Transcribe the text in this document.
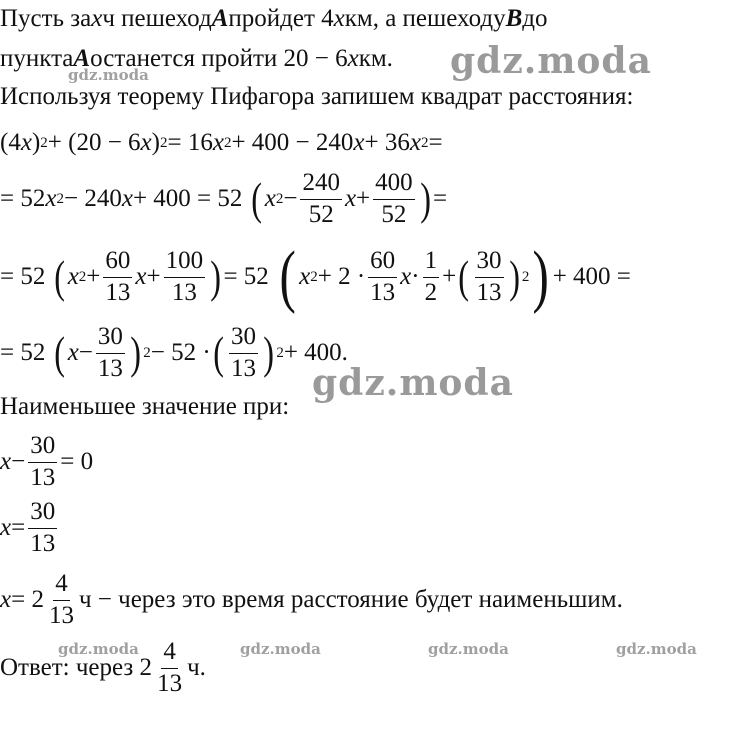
gdz.moda	gdz.moda
gdz.moda
gdz.moda	gdz.moda	gdz.moda	gdz.moda
Пусть за x ч пешеход A пройдет 4 x км, а пешеходу B до
пункта A останется пройти 20 − 6 x км.
Используя теорему Пифагора запишем квадрат расстояния:
(4 x ) 2 + (20 − 6 x ) 2 = 16 x 2 + 400 − 240 x + 36 x 2 =
= 52 x 2 − 240 x + 400 = 52 ( x $2 - \frac{240}{52}$ $x + \frac{400}{52}$ ) =
= 52 ( x $2 + \frac{60}{13}$ $x + \frac{100}{13}$ ) = 52 ( x $2 + 2 \cdot \frac{60}{13}$ $x \cdot \frac{1}{2}$ + ( $\frac{30}{13}$ ) 2 ) + 400 =
= 52 ( $x - \frac{30}{13}$ ) 2 − 52 · ( $\frac{30}{13}$ ) 2 + 400.
Наименьшее значение при:
$x - \frac{30}{13} = 0$
$x = \frac{30}{13}$
$x = 2 \frac{4}{13}$ ч − через это время расстояние будет наименьшим.
Ответ: через $2 \frac{4}{13} ч$.
